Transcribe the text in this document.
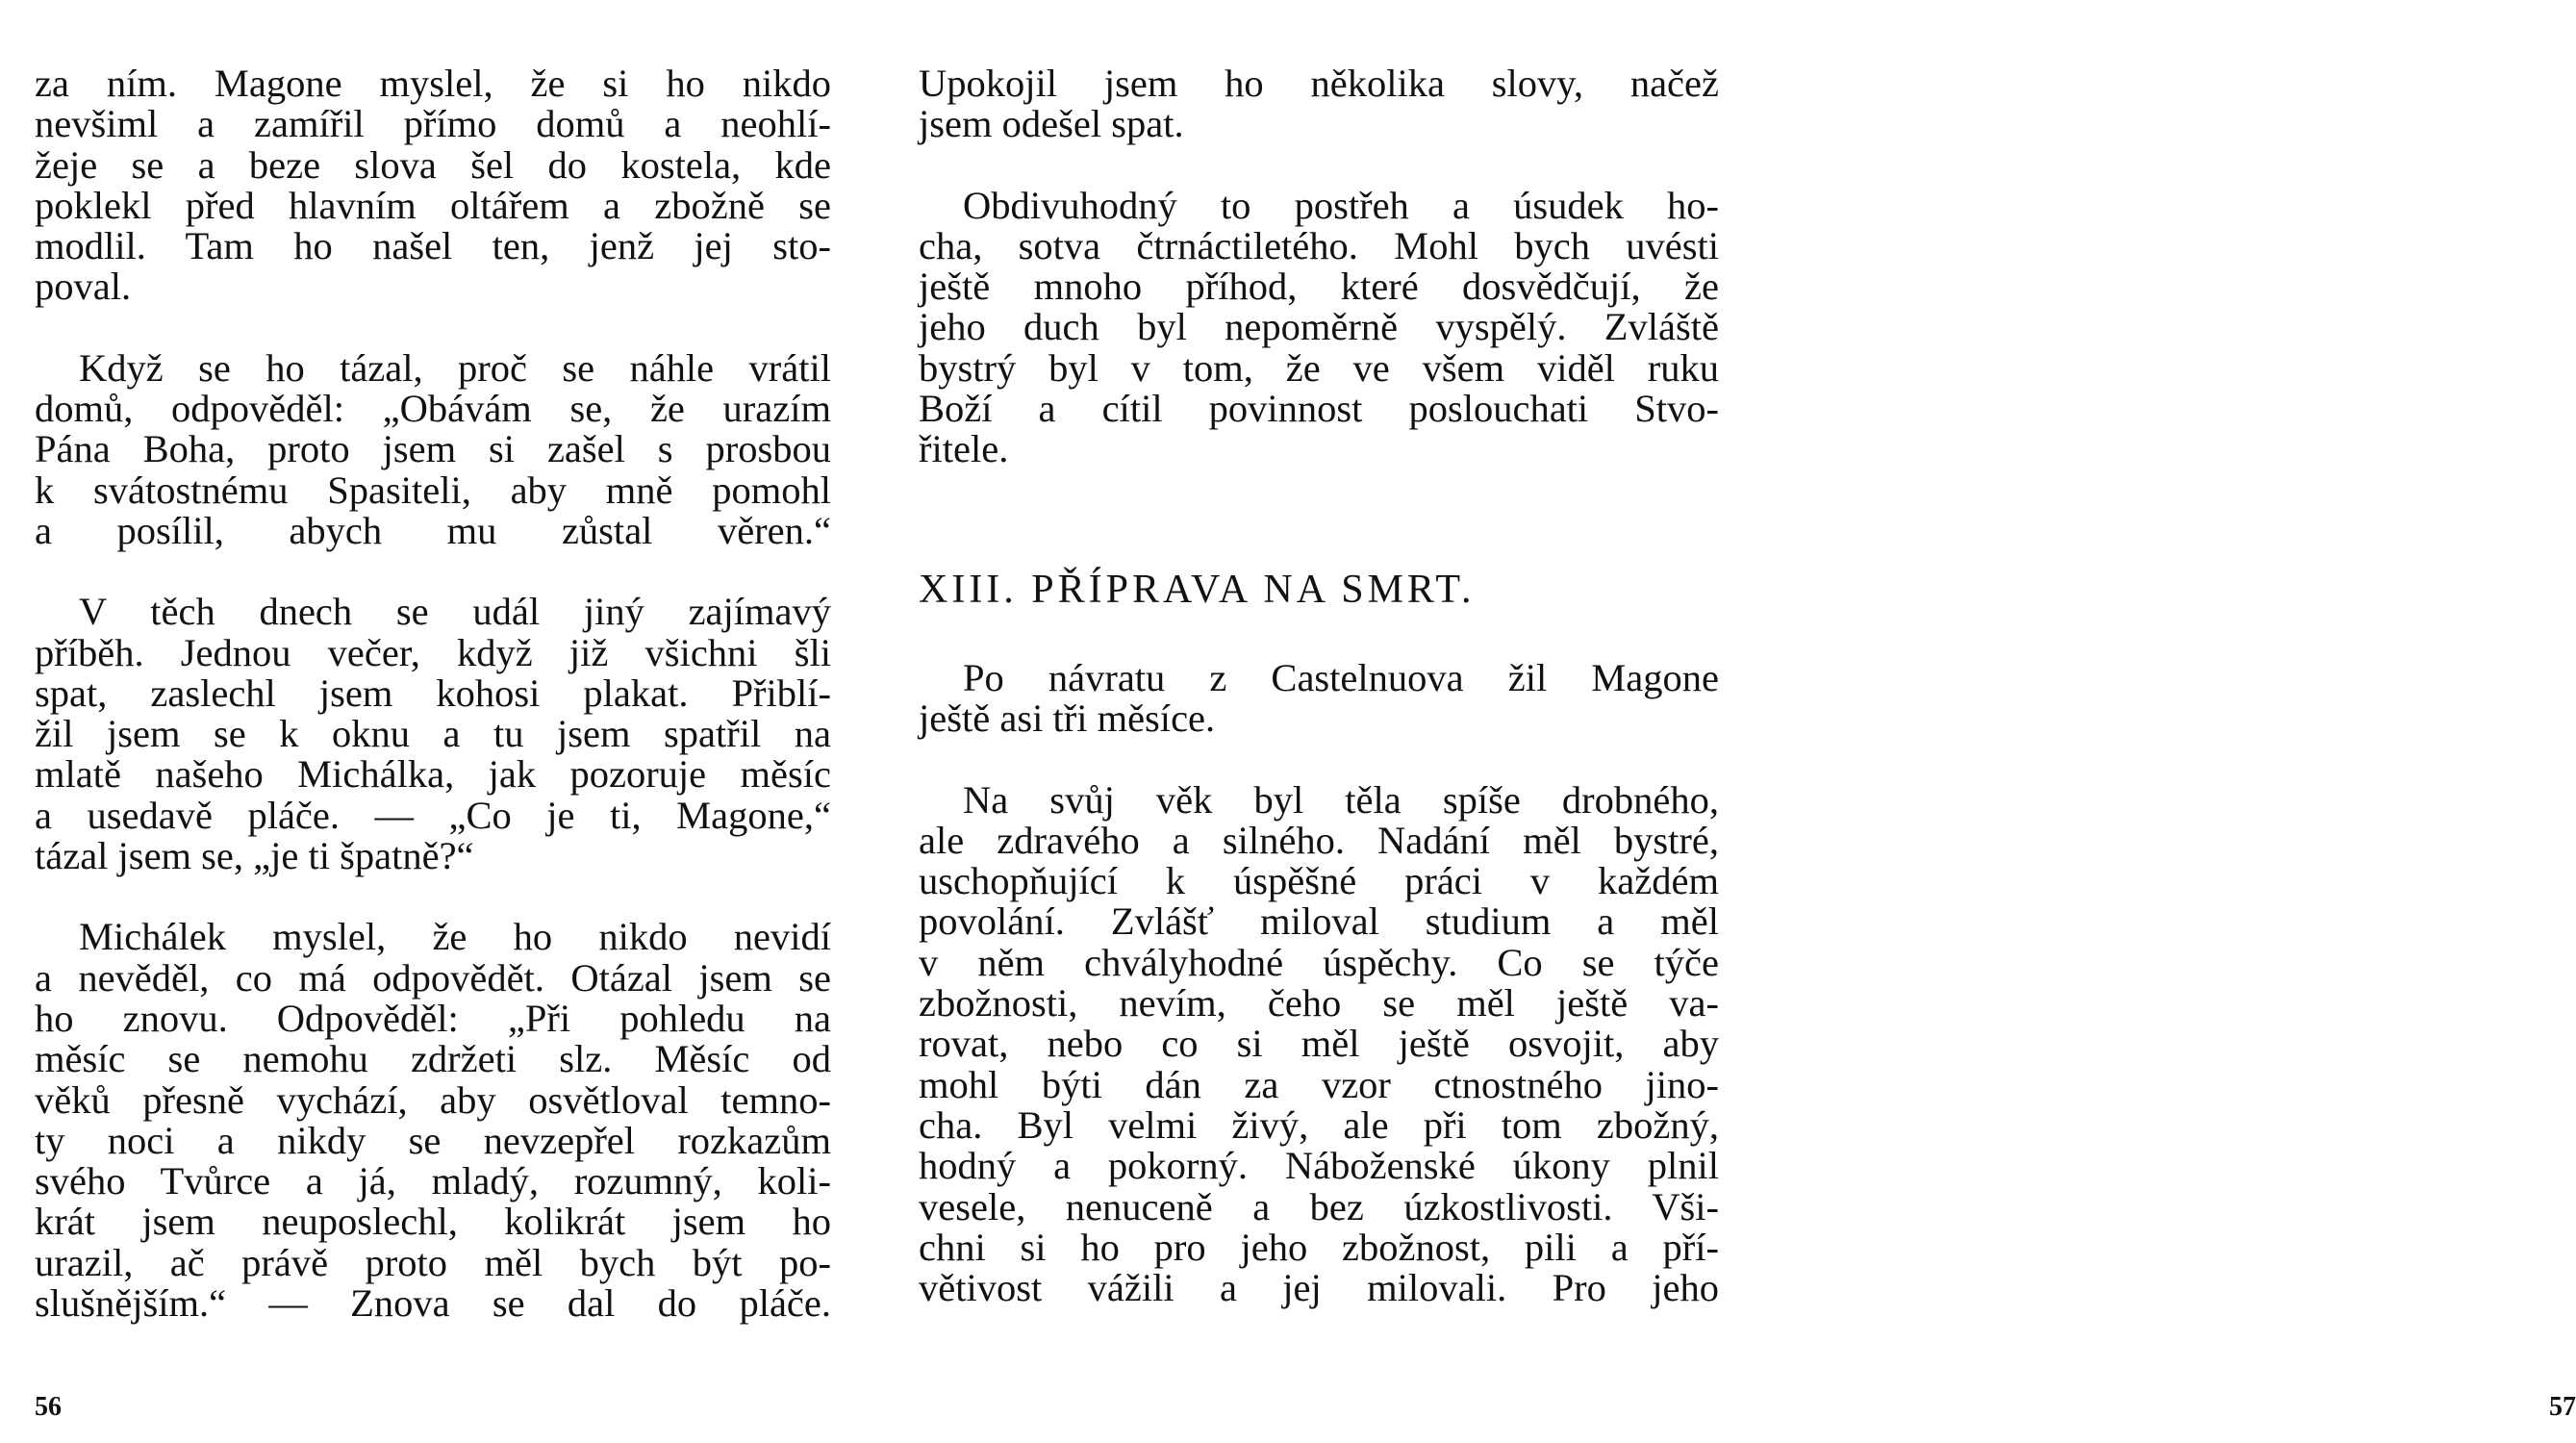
za ním. Magone myslel, že si ho nikdo
nevšiml a zamířil přímo domů a neohlí-
žeje se a beze slova šel do kostela, kde
poklekl před hlavním oltářem a zbožně se
modlil. Tam ho našel ten, jenž jej sto-
poval.

Když se ho tázal, proč se náhle vrátil
domů, odpověděl: „Obávám se, že urazím
Pána Boha, proto jsem si zašel s prosbou
k svátostnému Spasiteli, aby mně pomohl
a posílil, abych mu zůstal věren.“

V těch dnech se udál jiný zajímavý
příběh. Jednou večer, když již všichni šli
spat, zaslechl jsem kohosi plakat. Přiblí-
žil jsem se k oknu a tu jsem spatřil na
mlatě našeho Michálka, jak pozoruje měsíc
a usedavě pláče. — „Co je ti, Magone,“
tázal jsem se, „je ti špatně?“

Michálek myslel, že ho nikdo nevidí
a nevěděl, co má odpovědět. Otázal jsem se
ho znovu. Odpověděl: „Při pohledu na
měsíc se nemohu zdržeti slz. Měsíc od
věků přesně vychází, aby osvětloval temno-
ty noci a nikdy se nevzepřel rozkazům
svého Tvůrce a já, mladý, rozumný, koli-
krát jsem neuposlechl, kolikrát jsem ho
urazil, ač právě proto měl bych být po-
slušnějším.“ — Znova se dal do pláče.

56

Upokojil jsem ho několika slovy, načež
jsem odešel spat.

Obdivuhodný to postřeh a úsudek ho-
cha, sotva čtrnáctiletého. Mohl bych uvésti
ještě mnoho příhod, které dosvědčují, že
jeho duch byl nepoměrně vyspělý. Zvláště
bystrý byl v tom, že ve všem viděl ruku
Boží a cítil povinnost poslouchati Stvo-
řitele.

Po návratu z Castelnuova žil Magone
ještě asi tři měsíce.

Na svůj věk byl těla spíše drobného,
ale zdravého a silného. Nadání měl bystré,
uschopňující k úspěšné práci v každém
povolání. Zvlášť miloval studium a měl
v něm chvályhodné úspěchy. Co se týče
zbožnosti, nevím, čeho se měl ještě va-
rovat, nebo co si měl ještě osvojit, aby
mohl býti dán za vzor ctnostného jino-
cha. Byl velmi živý, ale při tom zbožný,
hodný a pokorný. Náboženské úkony plnil
vesele, nenuceně a bez úzkostlivosti. Vši-
chni si ho pro jeho zbožnost, pili a pří-
větivost vážili a jej milovali. Pro jeho

57
XIII. PŘÍPRAVA NA SMRT.
